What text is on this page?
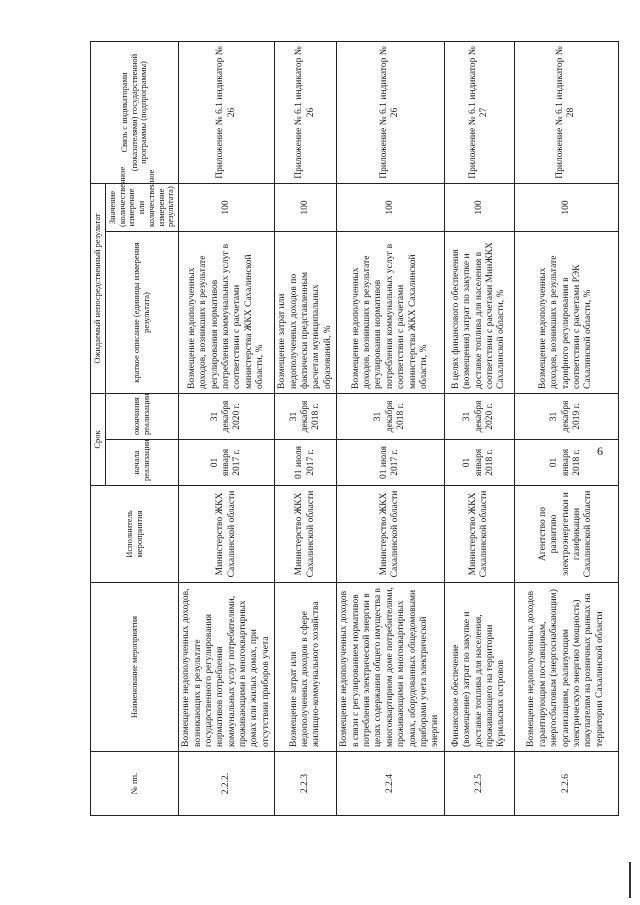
6
№ пп.	Наименование мероприятия	Исполнитель мероприятия	Срок		Ожидаемый непосредственный результат		Связь с индикаторами (показателями) государственной программы (подпрограммы)
			начала реализации	окончания реализации	краткое описание (единицы измерения результата)	Значение (количественное измерение или количественное измерение результата)	
2.2.2.	Возмещение недополученных доходов, возникающих в результате государственного регулирования нормативов потребления коммунальных услуг потребителями, проживающими в многоквартирных домах или жилых домах, при отсутствии приборов учета	Министерство ЖКХ Сахалинской области	01 января 2017 г.	31 декабря 2020 г.	Возмещение недополученных доходов, возникших в результате регулирования нормативов потребления коммунальных услуг в соответствии с расчетами министерства ЖКХ Сахалинской области, %	100	Приложение № 6.1 индикатор № 26
2.2.3	Возмещение затрат или недополученных доходов в сфере жилищно-коммунального хозяйства	Министерство ЖКХ Сахалинской области	01 июля 2017 г.	31 декабря 2018 г.	Возмещение затрат или недополученных доходов по фактически представленным расчетам муниципальных образований, %	100	Приложение № 6.1 индикатор № 26
2.2.4	Возмещение недополученных доходов в связи с регулированием нормативов потребления электрической энергии в целях содержания общего имущества в многоквартирном доме потребителями, проживающими в многоквартирных домах, оборудованных общедомовыми приборами учета электрической энергии	Министерство ЖКХ Сахалинской области	01 июля 2017 г.	31 декабря 2018 г.	Возмещение недополученных доходов, возникших в результате регулирования нормативов потребления коммунальных услуг в соответствии с расчетами министерства ЖКХ Сахалинской области, %	100	Приложение № 6.1 индикатор № 26
2.2.5	Финансовое обеспечение (возмещение) затрат по закупке и доставке топлива для населения, проживающего на территории Курильских островов	Министерство ЖКХ Сахалинской области	01 января 2018 г.	31 декабря 2020 г.	В целях финансового обеспечения (возмещения) затрат по закупке и доставке топлива для населения в соответствии с расчетами МинЖКХ Сахалинской области, %	100	Приложение № 6.1 индикатор № 27
2.2.6	Возмещение недополученных доходов гарантирующим поставщикам, энергосбытовым (энергоснабжающим) организациям, реализующим электрическую энергию (мощность) покупателям на розничных рынках на территории Сахалинской области	Агентство по развитию электроэнергетики и газификации Сахалинской области	01 января 2018 г.	31 декабря 2019 г.	Возмещение недополученных доходов, возникших в результате тарифного регулирования в соответствии с расчетами РЭК Сахалинской области, %	100	Приложение № 6.1 индикатор № 28
